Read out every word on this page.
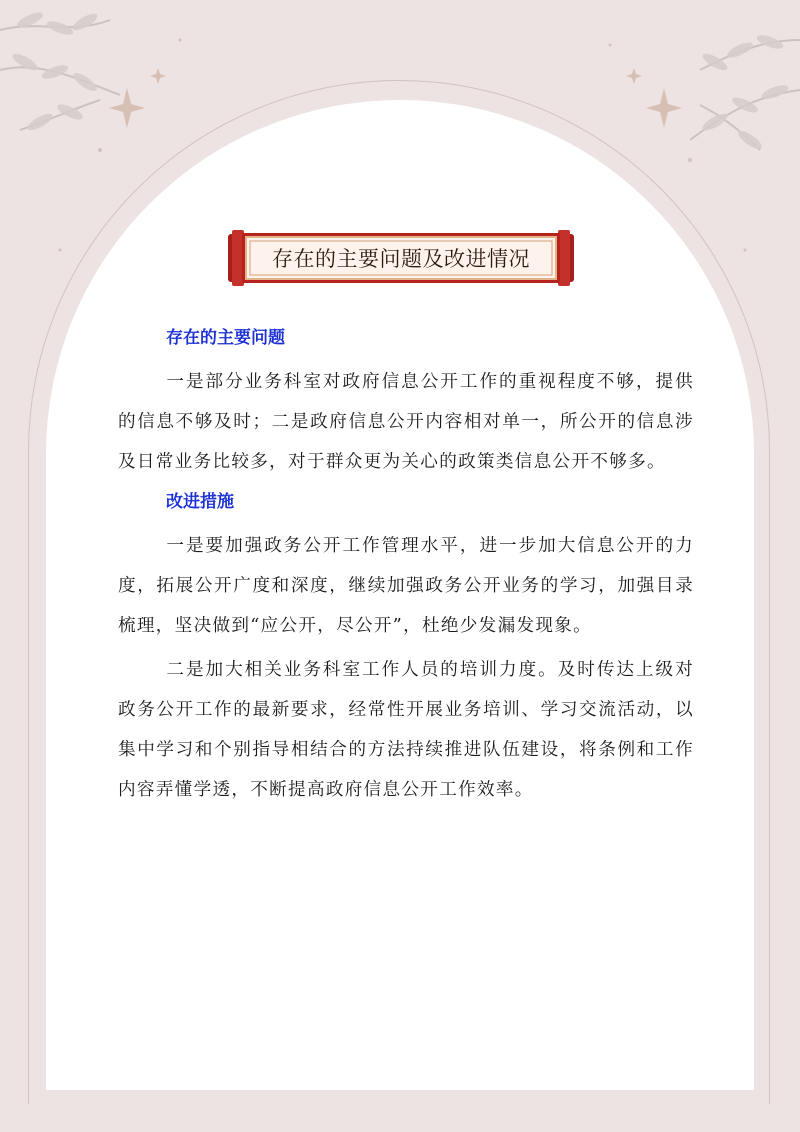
存在的主要问题及改进情况
存在的主要问题

一是部分业务科室对政府信息公开工作的重视程度不够，提供的信息不够及时；二是政府信息公开内容相对单一，所公开的信息涉及日常业务比较多，对于群众更为关心的政策类信息公开不够多。

改进措施

一是要加强政务公开工作管理水平，进一步加大信息公开的力度，拓展公开广度和深度，继续加强政务公开业务的学习，加强目录梳理，坚决做到“应公开，尽公开”，杜绝少发漏发现象。

二是加大相关业务科室工作人员的培训力度。及时传达上级对政务公开工作的最新要求，经常性开展业务培训、学习交流活动，以集中学习和个别指导相结合的方法持续推进队伍建设，将条例和工作内容弄懂学透，不断提高政府信息公开工作效率。
